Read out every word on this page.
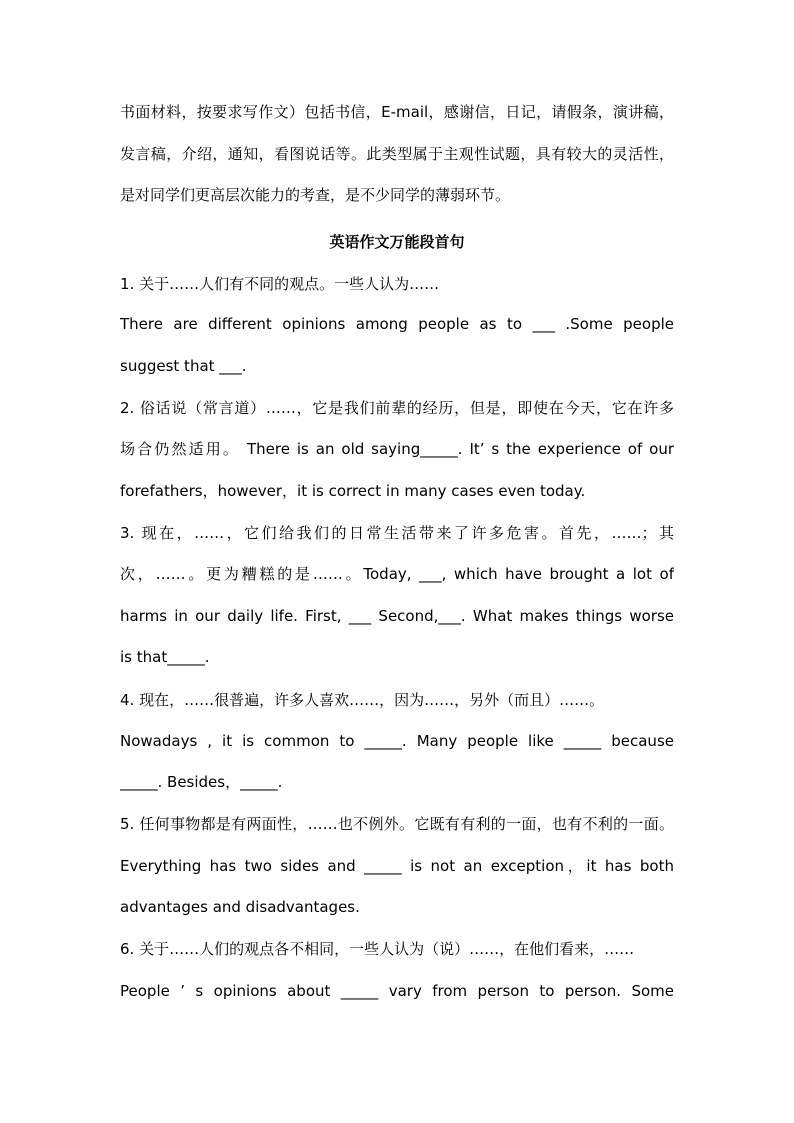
书面材料，按要求写作文）包括书信，E-mail，感谢信，日记，请假条，演讲稿，
发言稿，介绍，通知，看图说话等。此类型属于主观性试题，具有较大的灵活性，
是对同学们更高层次能力的考查，是不少同学的薄弱环节。
英语作文万能段首句
1. 关于……人们有不同的观点。一些人认为……
There are different opinions among people as to ___ .Some people
suggest that ___.
2. 俗话说（常言道）……，它是我们前辈的经历，但是，即使在今天，它在许多
场合仍然适用。 There is an old saying_____. It’ s the experience of our
forefathers，however，it is correct in many cases even today.
3. 现在，……，它们给我们的日常生活带来了许多危害。首先，……；其
次，……。更为糟糕的是……。Today, ___, which have brought a lot of
harms in our daily life. First, ___ Second,___. What makes things worse
is that_____.
4. 现在，……很普遍，许多人喜欢……，因为……，另外（而且）……。
Nowadays , it is common to _____. Many people like _____ because
_____. Besides，_____.
5. 任何事物都是有两面性，……也不例外。它既有有利的一面，也有不利的一面。
Everything has two sides and _____ is not an exception，it has both
advantages and disadvantages.
6. 关于……人们的观点各不相同，一些人认为（说）……，在他们看来，……
People ’ s opinions about _____ vary from person to person. Some
